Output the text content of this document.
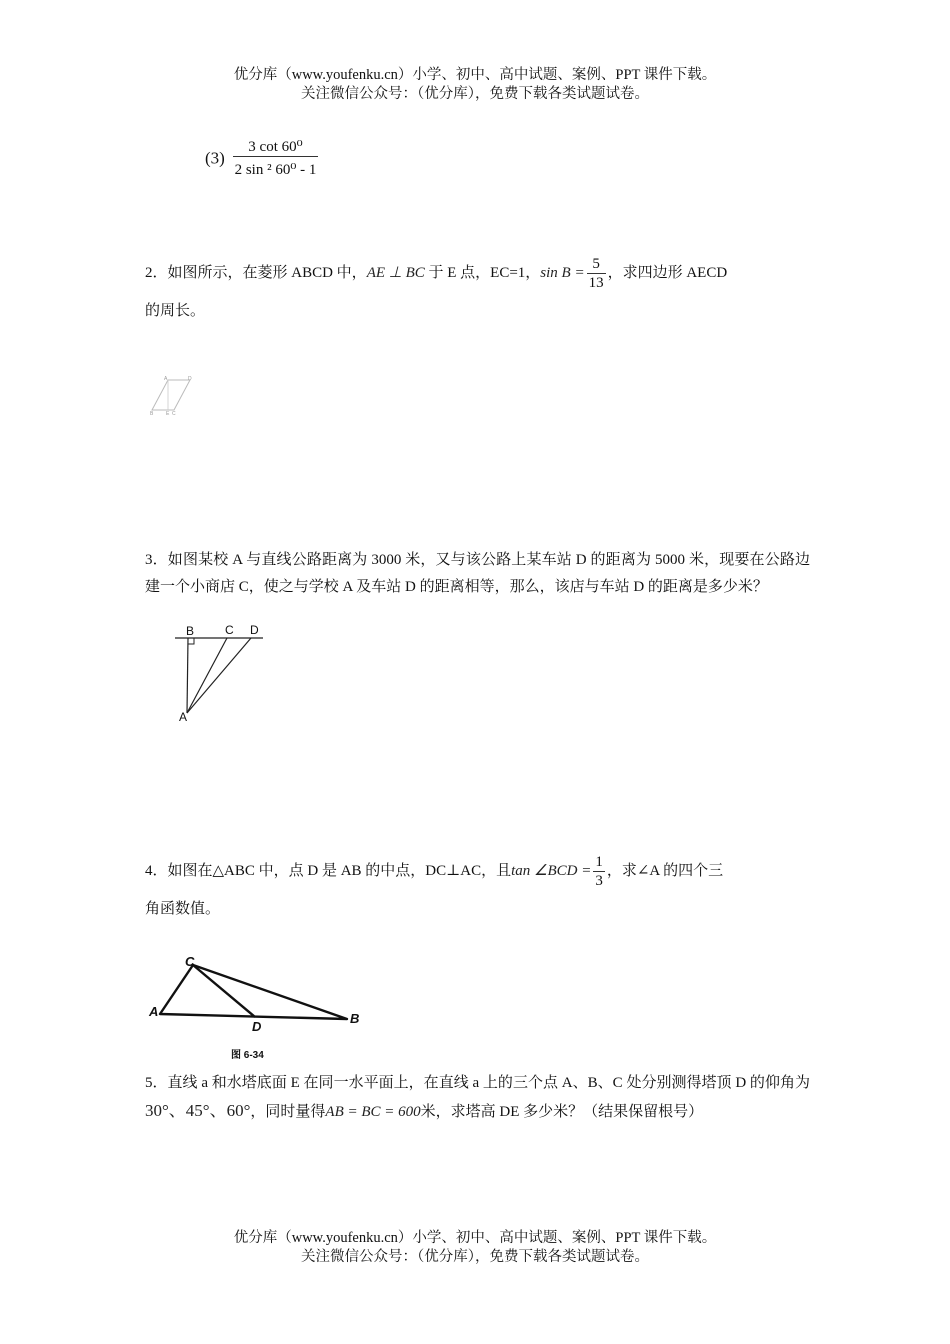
优分库（www.youfenku.cn）小学、初中、高中试题、案例、PPT 课件下载。
关注微信公众号：（优分库），免费下载各类试题试卷。
$(3) \frac{\text{3 cot 60⁰}}{\text{2 sin ² 60⁰ - 1}}$
2．如图所示，在菱形 ABCD 中，AE ⊥ BC 于 E 点，EC=1，$\sin B = \frac{5}{13}$ ，求四边形 AECD
的周长。
A	D
B	E C
3．如图某校 A 与直线公路距离为 3000 米，又与该公路上某车站 D 的距离为 5000 米，现要在公路边建一个小商店 C，使之与学校 A 及车站 D 的距离相等，那么，该店与车站 D 的距离是多少米？
B	C D
A
4．如图在△ABC 中，点 D 是 AB 的中点，DC⊥AC，且tan ∠BCD = $\frac{1}{3}$ ，求∠A 的四个三
角函数值。
C
A
D
B
图 6-34
5．直线 a 和水塔底面 E 在同一水平面上，在直线 a 上的三个点 A、B、C 处分别测得塔顶 D 的仰角为30°、45°、60°，同时量得AB = BC = 600米，求塔高 DE 多少米？（结果保留根号）
优分库（www.youfenku.cn）小学、初中、高中试题、案例、PPT 课件下载。
关注微信公众号：（优分库），免费下载各类试题试卷。
